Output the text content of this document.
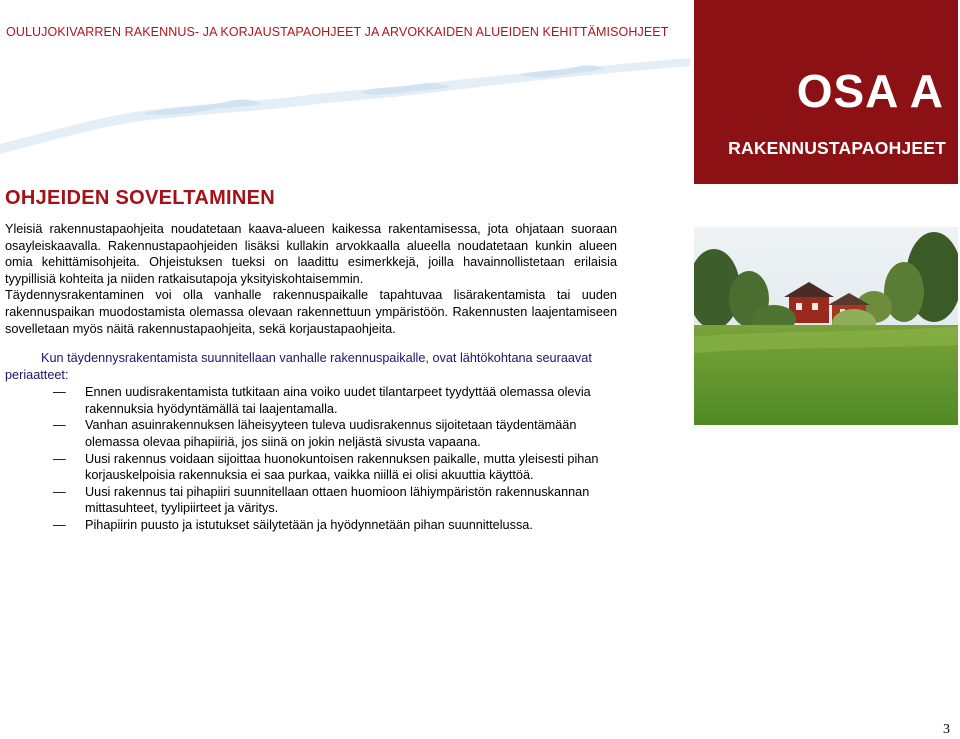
OULUJOKIVARREN RAKENNUS- JA KORJAUSTAPAOHJEET JA ARVOKKAIDEN ALUEIDEN KEHITTÄMISOHJEET
OSA A
RAKENNUSTAPAOHJEET
OHJEIDEN SOVELTAMINEN

Yleisiä rakennustapaohjeita noudatetaan kaava-alueen kaikessa rakentamisessa, jota ohjataan suoraan osayleiskaavalla. Rakennustapaohjeiden lisäksi kullakin arvokkaalla alueella noudatetaan kunkin alueen omia kehittämisohjeita. Ohjeistuksen tueksi on laadittu esimerkkejä, joilla havainnollistetaan erilaisia tyypillisiä kohteita ja niiden ratkaisutapoja yksityiskohtaisemmin.

Täydennysrakentaminen voi olla vanhalle rakennuspaikalle tapahtuvaa lisärakentamista tai uuden rakennuspaikan muodostamista olemassa olevaan rakennettuun ympäristöön. Rakennusten laajentamiseen sovelletaan myös näitä rakennustapaohjeita, sekä korjaustapaohjeita.

Kun täydennysrakentamista suunnitellaan vanhalle rakennuspaikalle, ovat lähtökohtana seuraavat periaatteet:

— Ennen uudisrakentamista tutkitaan aina voiko uudet tilantarpeet tyydyttää olemassa olevia rakennuksia hyödyntämällä tai laajentamalla.
— Vanhan asuinrakennuksen läheisyyteen tuleva uudisrakennus sijoitetaan täydentämään olemassa olevaa pihapiiriä, jos siinä on jokin neljästä sivusta vapaana.
— Uusi rakennus voidaan sijoittaa huonokuntoisen rakennuksen paikalle, mutta yleisesti pihan korjauskelpoisia rakennuksia ei saa purkaa, vaikka niillä ei olisi akuuttia käyttöä.
— Uusi rakennus tai pihapiiri suunnitellaan ottaen huomioon lähiympäristön rakennuskannan mittasuhteet, tyylipiirteet ja väritys.
— Pihapiirin puusto ja istutukset säilytetään ja hyödynnetään pihan suunnittelussa.
3
